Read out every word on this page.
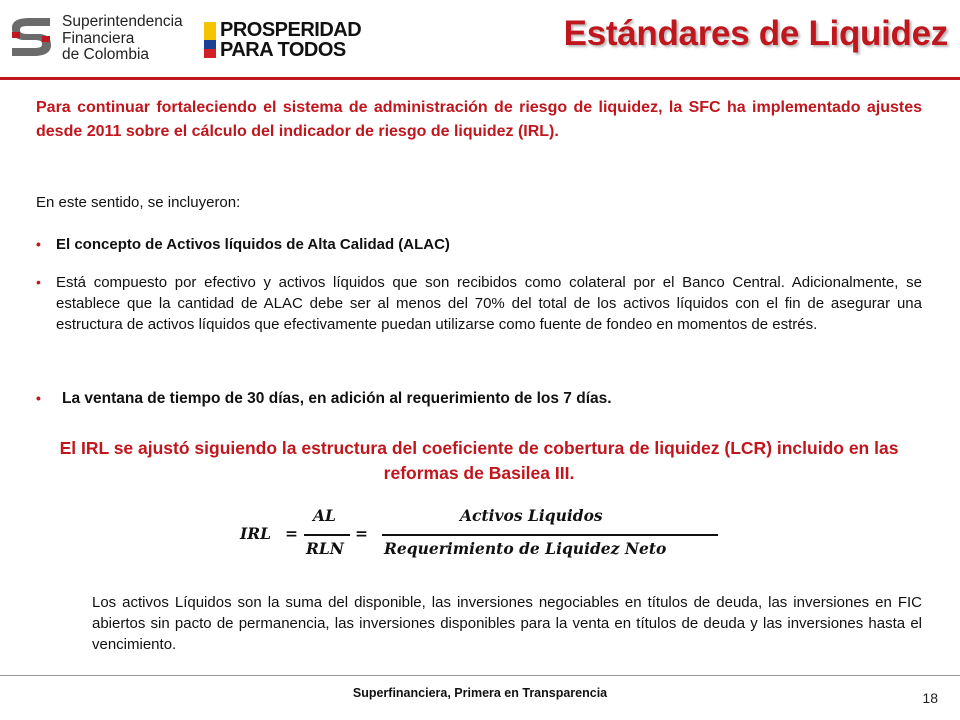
Superintendencia
Financiera
de Colombia
PROSPERIDAD
PARA TODOS	Estándares de Liquidez
Para continuar fortaleciendo el sistema de administración de riesgo de liquidez, la SFC ha implementado ajustes desde 2011 sobre el cálculo del indicador de riesgo de liquidez (IRL).
En este sentido, se incluyeron:
•	El concepto de Activos líquidos de Alta Calidad (ALAC)
•	Está compuesto por efectivo y activos líquidos que son recibidos como colateral por el Banco Central. Adicionalmente, se establece que la cantidad de ALAC debe ser al menos del 70% del total de los activos líquidos con el fin de asegurar una estructura de activos líquidos que efectivamente puedan utilizarse como fuente de fondeo en momentos de estrés.
•	La ventana de tiempo de 30 días, en adición al requerimiento de los 7 días.
El IRL se ajustó siguiendo la estructura del coeficiente de cobertura de liquidez (LCR) incluido en las reformas de Basilea III.
IRL =
AL
RLN
=
Activos Liquidos
Requerimiento de Liquidez Neto
Los activos Líquidos son la suma del disponible, las inversiones negociables en títulos de deuda, las inversiones en FIC abiertos sin pacto de permanencia, las inversiones disponibles para la venta en títulos de deuda y las inversiones hasta el vencimiento.
Superfinanciera, Primera en Transparencia	18
